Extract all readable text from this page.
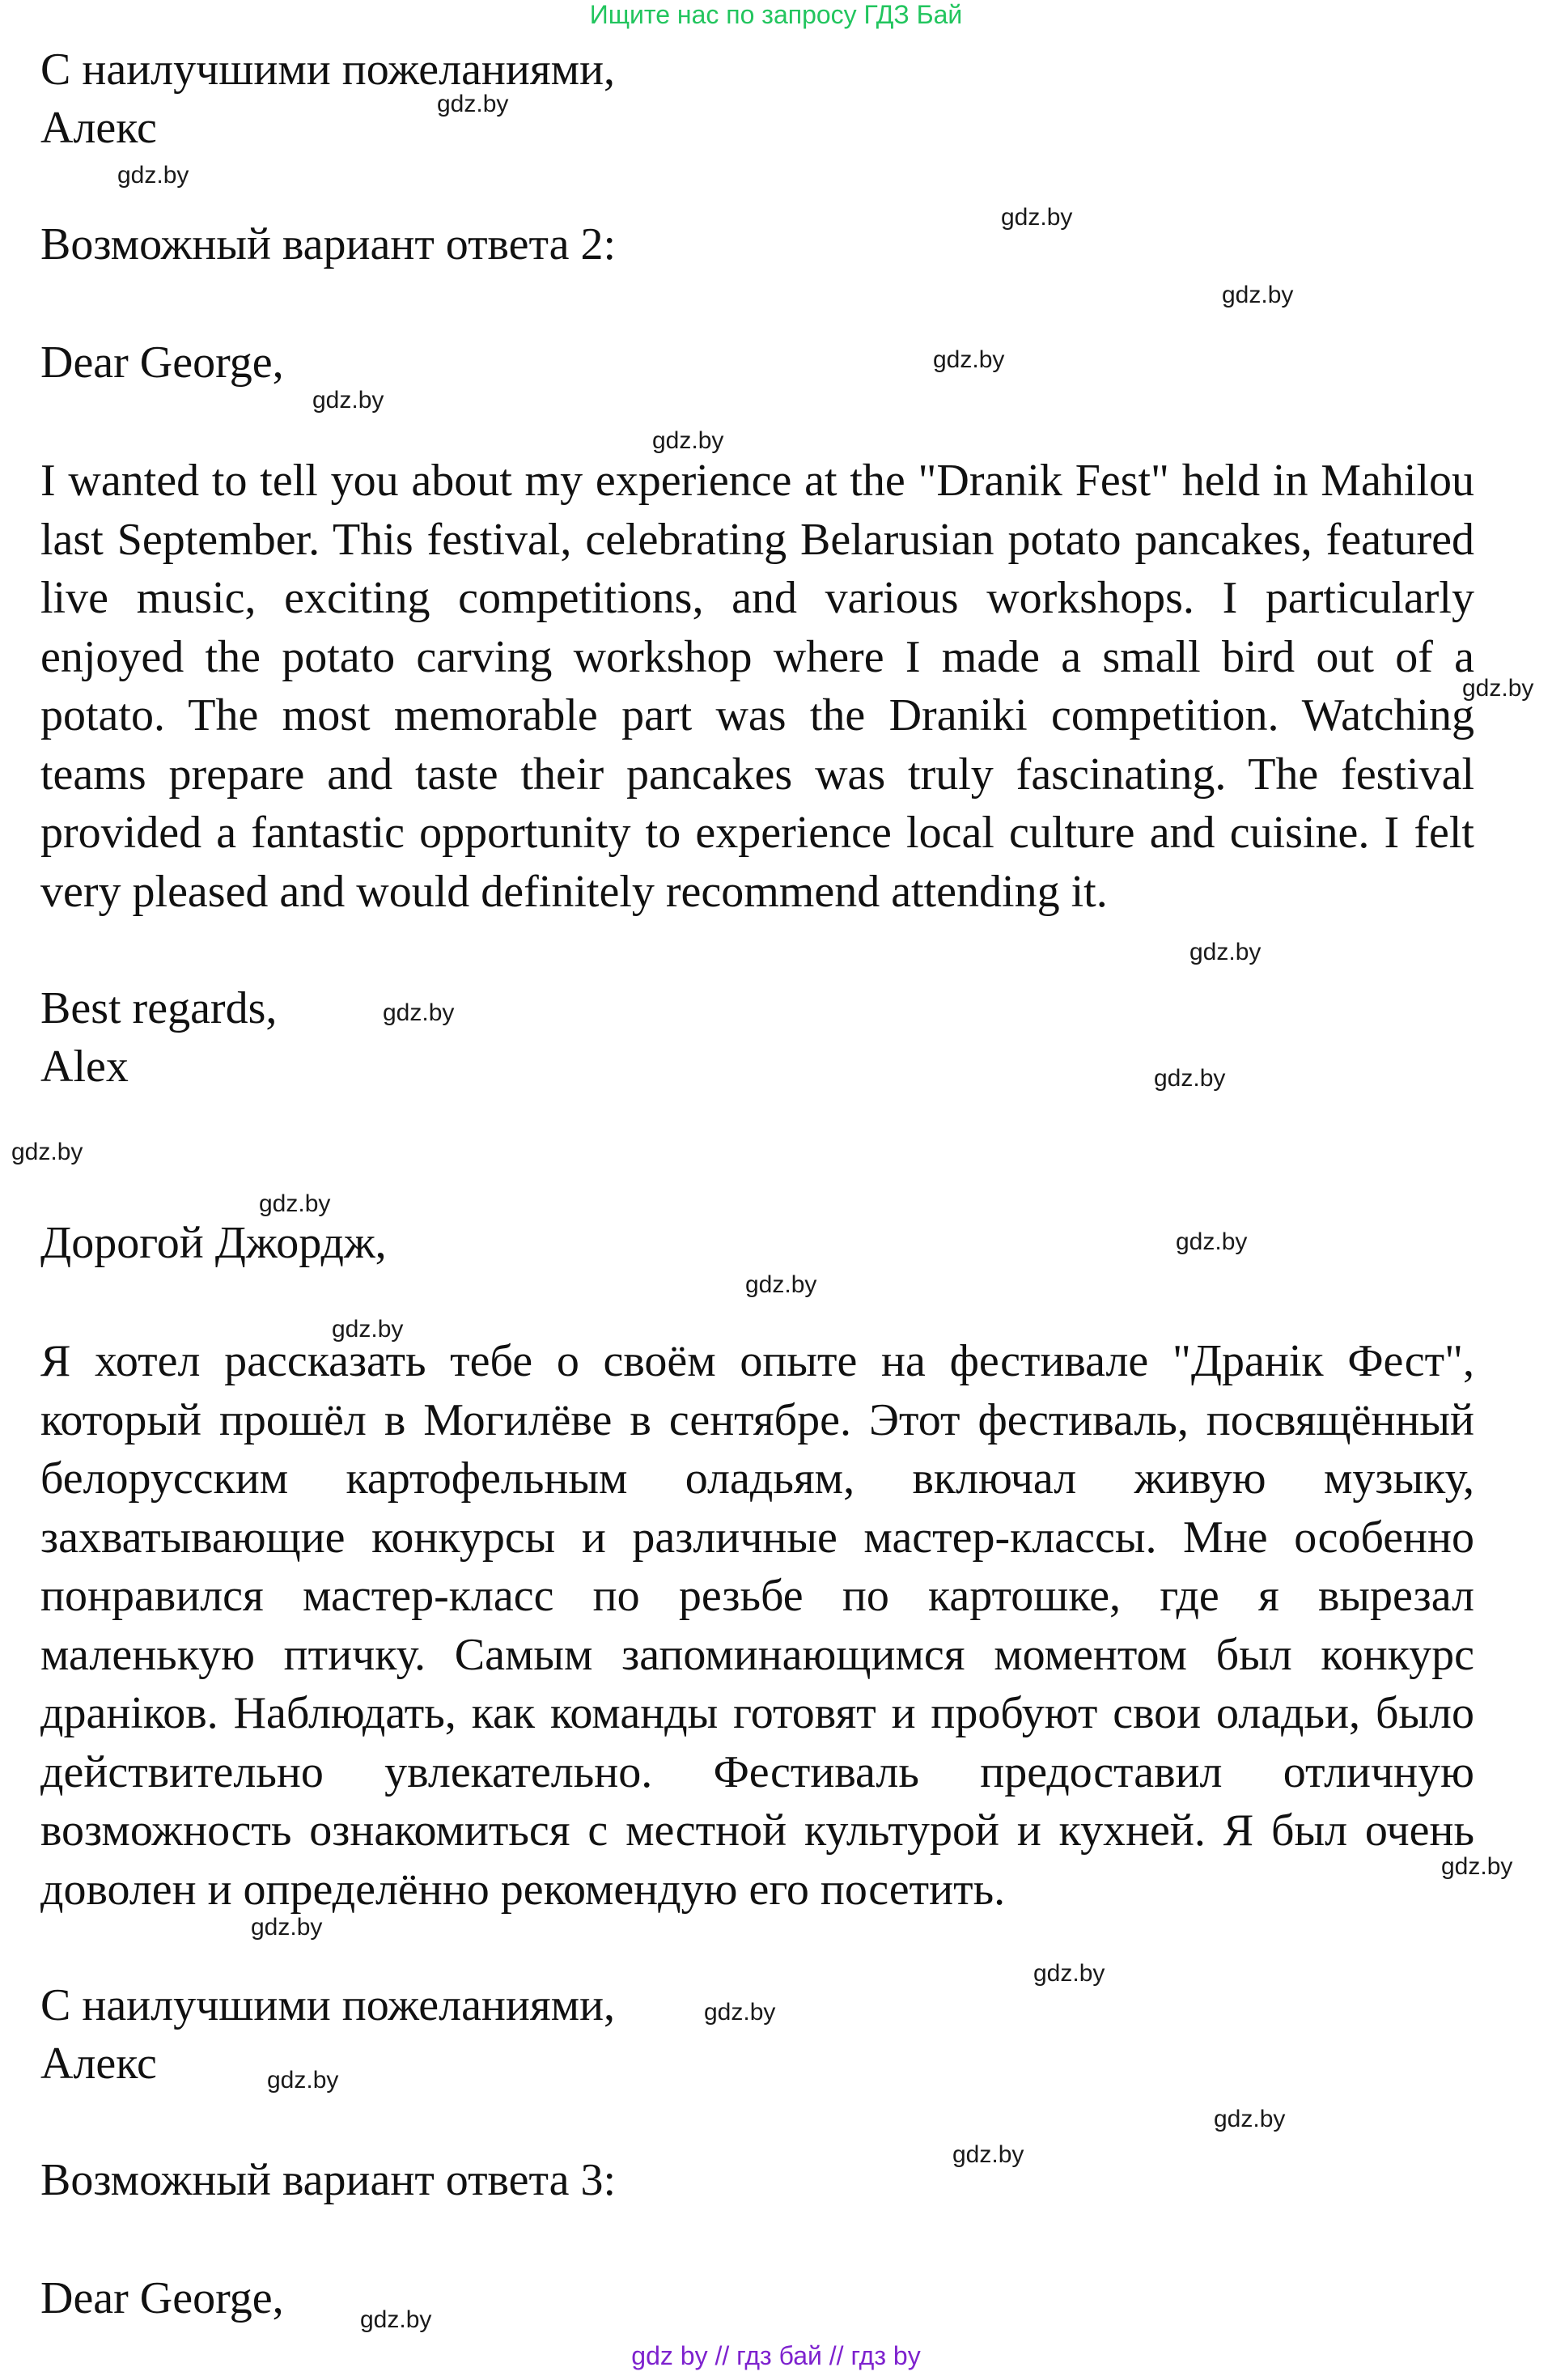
Ищите нас по запросу ГДЗ Бай
С наилучшими пожеланиями,
Алекс
Возможный вариант ответа 2:
Dear George,
I wanted to tell you about my experience at the "Dranik Fest" held in Mahilou last September. This festival, celebrating Belarusian potato pancakes, featured live music, exciting competitions, and various workshops. I particularly enjoyed the potato carving workshop where I made a small bird out of a potato. The most memorable part was the Draniki competition. Watching teams prepare and taste their pancakes was truly fascinating. The festival provided a fantastic opportunity to experience local culture and cuisine. I felt very pleased and would definitely recommend attending it.
Best regards,
Alex
Дорогой Джордж,
Я хотел рассказать тебе о своём опыте на фестивале "Дранiк Фест", который прошёл в Могилёве в сентябре. Этот фестиваль, посвящённый белорусским картофельным оладьям, включал живую музыку, захватывающие конкурсы и различные мастер-классы. Мне особенно понравился мастер-класс по резьбе по картошке, где я вырезал маленькую птичку. Самым запоминающимся моментом был конкурс дранiков. Наблюдать, как команды готовят и пробуют свои оладьи, было действительно увлекательно. Фестиваль предоставил отличную возможность ознакомиться с местной культурой и кухней. Я был очень доволен и определённо рекомендую его посетить.
С наилучшими пожеланиями,
Алекс
Возможный вариант ответа 3:
Dear George,
gdz.by
gdz.by
gdz.by
gdz.by
gdz.by
gdz.by
gdz.by
gdz.by
gdz.by
gdz.by
gdz.by
gdz.by
gdz.by
gdz.by
gdz.by
gdz.by
gdz.by
gdz.by
gdz.by
gdz.by
gdz.by
gdz.by
gdz.by
gdz.by
gdz by // гдз бай // гдз by
